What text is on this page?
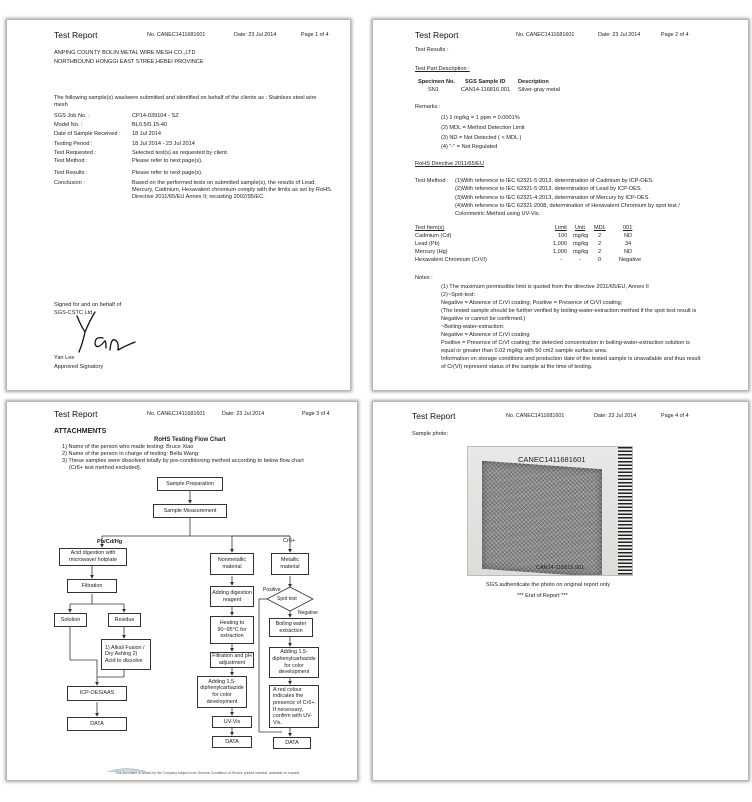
Test Report	No. CANEC1411681601	Date: 23 Jul 2014	Page 1 of 4
ANPING COUNTY BOLIN METAL WIRE MESH CO.,LTD
NORTHBOUND HONGGI EAST STREE,HEBEI PROVINCE
The following sample(s) was/were submitted and identified on behalf of the clients as : Stainless steel wire mesh
SGS Job No. :	CP14-039104 - SZ
Model No. :	BL0.5/0.15-40
Date of Sample Received : 18 Jul 2014
Testing Period :	18 Jul 2014 - 23 Jul 2014
Test Requested :	Selected test(s) as requested by client.
Test Method :	Please refer to next page(s).
Test Results :	Please refer to next page(s).
Conclusion :	Based on the performed tests on submitted sample(s), the results of Lead, Mercury, Cadmium, Hexavalent chromium comply with the limits as set by RoHS Directive 2011/65/EU Annex II; recasting 2002/95/EC.
Signed for and on behalf of
SGS-CSTC Ltd.
Yan Lee
Approved Signatory
Test Report	No. CANEC1411681601	Date: 23 Jul 2014	Page 2 of 4
Test Results :
Test Part Description :
Specimen No. SGS Sample ID Description
SN1	CAN14-116816.001 Silver-gray metal
Remarks :
(1) 1 mg/kg = 1 ppm = 0.0001%
(2) MDL = Method Detection Limit
(3) ND = Not Detected ( < MDL )
(4) "-" = Not Regulated
RoHS Directive 2011/65/EU
Test Method : (1)With reference to IEC 62321-5:2013, determination of Cadmium by ICP-OES.
(2)With reference to IEC 62321-5:2013, determination of Lead by ICP-OES.
(3)With reference to IEC 62321-4:2013, determination of Mercury by ICP-OES.
(4)With reference to IEC 62321:2008, determination of Hexavalent Chromium by spot test /
Colorimetric Method using UV-Vis.
Test Item(s)	Limit Unit MDL	001
Cadmium (Cd)	100 mg/kg 2	ND
Lead (Pb)	1,000 mg/kg 2	34
Mercury (Hg)	1,000 mg/kg 2	ND
Hexavalent Chromium (CrVI)	-	-	0	Negative
Notes :
(1) The maximum permissible limit is quoted from the directive 2011/65/EU, Annex II
(2)~Spot-test:
Negative = Absence of CrVI coating; Positive = Presence of CrVI coating;
(The tested sample should be further verified by boiling-water-extraction method if the spot test result is
Negative or cannot be confirmed.)
~Boiling-water-extraction:
Negative = Absence of CrVI coating
Positive = Presence of CrVI coating; the detected concentration in boiling-water-extraction solution is
equal or greater than 0.02 mg/kg with 50 cm2 sample surface area.
Information on storage conditions and production date of the tested sample is unavailable and thus result
of Cr(VI) represent status of the sample at the time of testing.
Test Report	No. CANEC1411681601	Date: 23 Jul 2014	Page 3 of 4
ATTACHMENTS
RoHS Testing Flow Chart
1) Name of the person who made testing: Bruce Xiao
2) Name of the person in charge of testing: Bella Wang
3) These samples were dissolved totally by pre-conditioning method according to below flow chart
(Cr6+ test method excluded).
Sample Preparation
Sample Measurement
Pb/Cd/Hg	Cr6+
Acid digestion with microwave/ hotplate
Filtration
Solution	Residue
1) Alkali Fusion / Dry Ashing 2) Acid to dissolve
ICP-OES/AAS
DATA
Nonmetallic material
Metallic material
Adding digestion reagent
Heating to 90~95°C for extraction
Filtration and pH adjustment
Adding 1,5-diphenylcarbazide for color development
UV-Vis
DATA
Positive
Spot test
Negative
Boiling water extraction
Adding 1,5-diphenylcarbazide for color development
A red colour indicates the presence of Cr6+. If necessary, confirm with UV-Vis.
DATA
This document is issued by the Company subject to its General Conditions of Service printed overleaf, available on request
Test Report	No. CANEC1411681601	Date: 23 Jul 2014	Page 4 of 4
Sample photo:
CANEC1411681601
CAN14-116816.001
SGS authenticate the photo on original report only
*** End of Report ***
